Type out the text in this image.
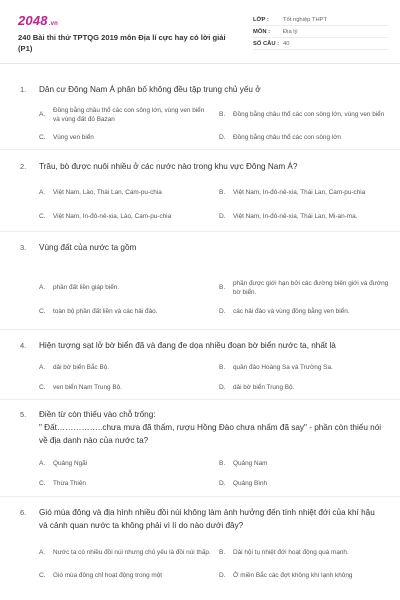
2048.vn
240 Bài thi thử TPTQG 2019 môn Địa lí cực hay có lời giải (P1)
LỚP :	Tốt nghiệp THPT
MÔN :	Địa lý
SỐ CÂU : 40
1.	Dân cư Đông Nam Á phân bố không đều tập trung chủ yếu ở
A.
Đồng bằng châu thổ các con sông lớn, vùng ven biển và vùng đất đỏ Bazan
B.	Đồng bằng châu thổ các con sông lớn, vùng ven biển
C.	Vùng ven biển	D.	Đồng bằng châu thổ các con sông lớn
2.	Trâu, bò được nuôi nhiều ở các nước nào trong khu vực Đông Nam Á?
A.	Việt Nam, Lào, Thái Lan, Cam-pu-chia	B.	Việt Nam, In-đô-nê-xia, Thái Lan, Cam-pu-chia
C.	Việt Nam, In-đô-nê-xia, Lào, Cam-pu-chia	D.	Việt Nam, In-đô-nê-xia, Thái Lan, Mi-an-ma.
3.	Vùng đất của nước ta gồm
A.	phần đất liền giáp biển.	B.
phần được giới hạn bởi các đường biên giới và đường bờ biển.
C.	toàn bộ phần đất liền và các hải đảo.	D.	các hải đảo và vùng đồng bằng ven biển.
4.	Hiện tượng sạt lở bờ biển đã và đang đe dọa nhiều đoạn bờ biển nước ta, nhất là
A.	dải bờ biển Bắc Bộ.	B.	quần đảo Hoàng Sa và Trường Sa.
C.	ven biển Nam Trung Bộ.	D.	dải bờ biển Trung Bộ.
5.	Điền từ còn thiếu vào chỗ trống:
" Đất……………..chưa mưa đã thấm, rượu Hồng Đào chưa nhấm đã say" - phần còn thiếu nói về địa danh nào của nước ta?
A.	Quảng Ngãi	B.	Quảng Nam
C.	Thừa Thiên	D.	Quảng Bình
6.	Gió mùa đông và địa hình nhiều đồi núi không làm ảnh hưởng đến tính nhiệt đới của khí hậu và cảnh quan nước ta không phải vì lí do nào dưới đây?
A.	Nước ta có nhiều đồi núi nhưng chủ yếu là đồi núi thấp. B.	Dải hội tụ nhiệt đới hoạt động quá mạnh.
C.	Gió mùa đông chỉ hoạt động trong một	D.	Ở miền Bắc các đợt không khí lạnh không
